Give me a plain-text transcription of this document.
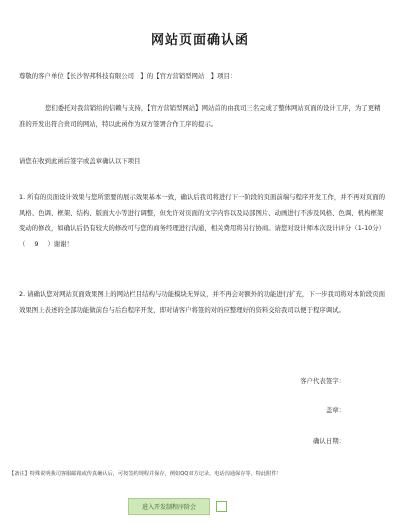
网站页面确认函
尊敬的客户单位【长沙智邦科技有限公司　】的【官方营销型网站　】项目：
您们委托对我营销给的信赖与支持，【官方营销型网站】网站首的由我司三名完成了整体网站页面的设计工序，为了更精准的开发出符合贵司的网站，特以此函作为双方签署合作工序的提示。
请您在收到此函后签字或盖章确认以下项目
1. 所有的页面设计效果与您所需要的展示效果基本一致，确认后我司将进行下一阶段的页面前端与程序开发工作，并不再对页面的风格、色调、框架、结构、版面大小等进行调整，但允许对页面的文字内容以及局部图片、动画进行不涉及风格、色调、机构框架变动的修改，如确认后仍有较大的修改可与您的商务经理进行沟通，相关费用将另行协商。请您对设计师本次设计评分（1-10分）（ 9 ）谢谢！
2. 请确认您对网站页面效果图上的网站栏目结构与功能模块无异议，并不再会对额外的功能进行扩充，下一步我司将对本阶段页面效果图上表述的全部功能做前台与后台程序开发，即对请客户将签的对的应整理好的资料交给我司以便于程序调试。
客户代表签字：
盖章：
确认日期：
【备注】特殊说明我司客服邮箱或传真确认后，可按签约规程并保存，例如QQ双方记录，电话沟通保存等，特此附件！
进入开发制程序阶会
